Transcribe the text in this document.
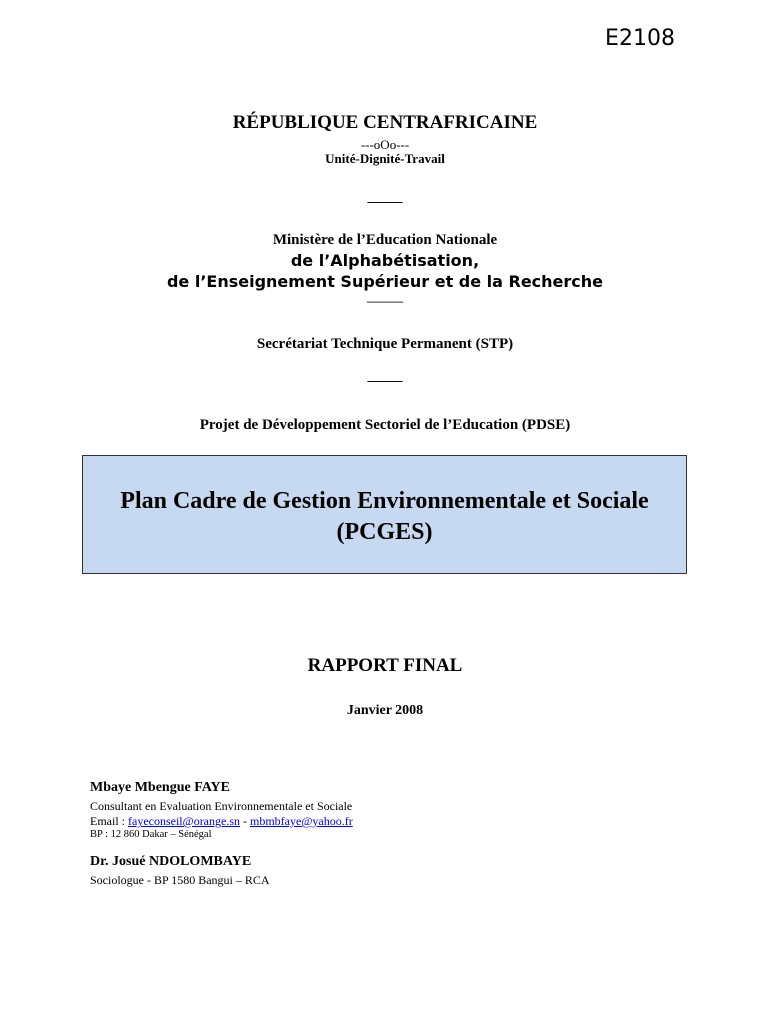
E2108
RÉPUBLIQUE CENTRAFRICAINE
---oOo---
Unité-Dignité-Travail
_____
Ministère de l’Education Nationale
de l’Alphabétisation,
de l’Enseignement Supérieur et de la Recherche
______
Secrétariat Technique Permanent (STP)
_____
Projet de Développement Sectoriel de l’Education (PDSE)
Plan Cadre de Gestion Environnementale et Sociale
(PCGES)
RAPPORT FINAL
Janvier 2008
Mbaye Mbengue FAYE
Consultant en Evaluation Environnementale et Sociale
Email : fayeconseil@orange.sn - mbmbfaye@yahoo.fr
BP : 12 860 Dakar – Sénégal
Dr. Josué NDOLOMBAYE
Sociologue - BP 1580 Bangui – RCA
